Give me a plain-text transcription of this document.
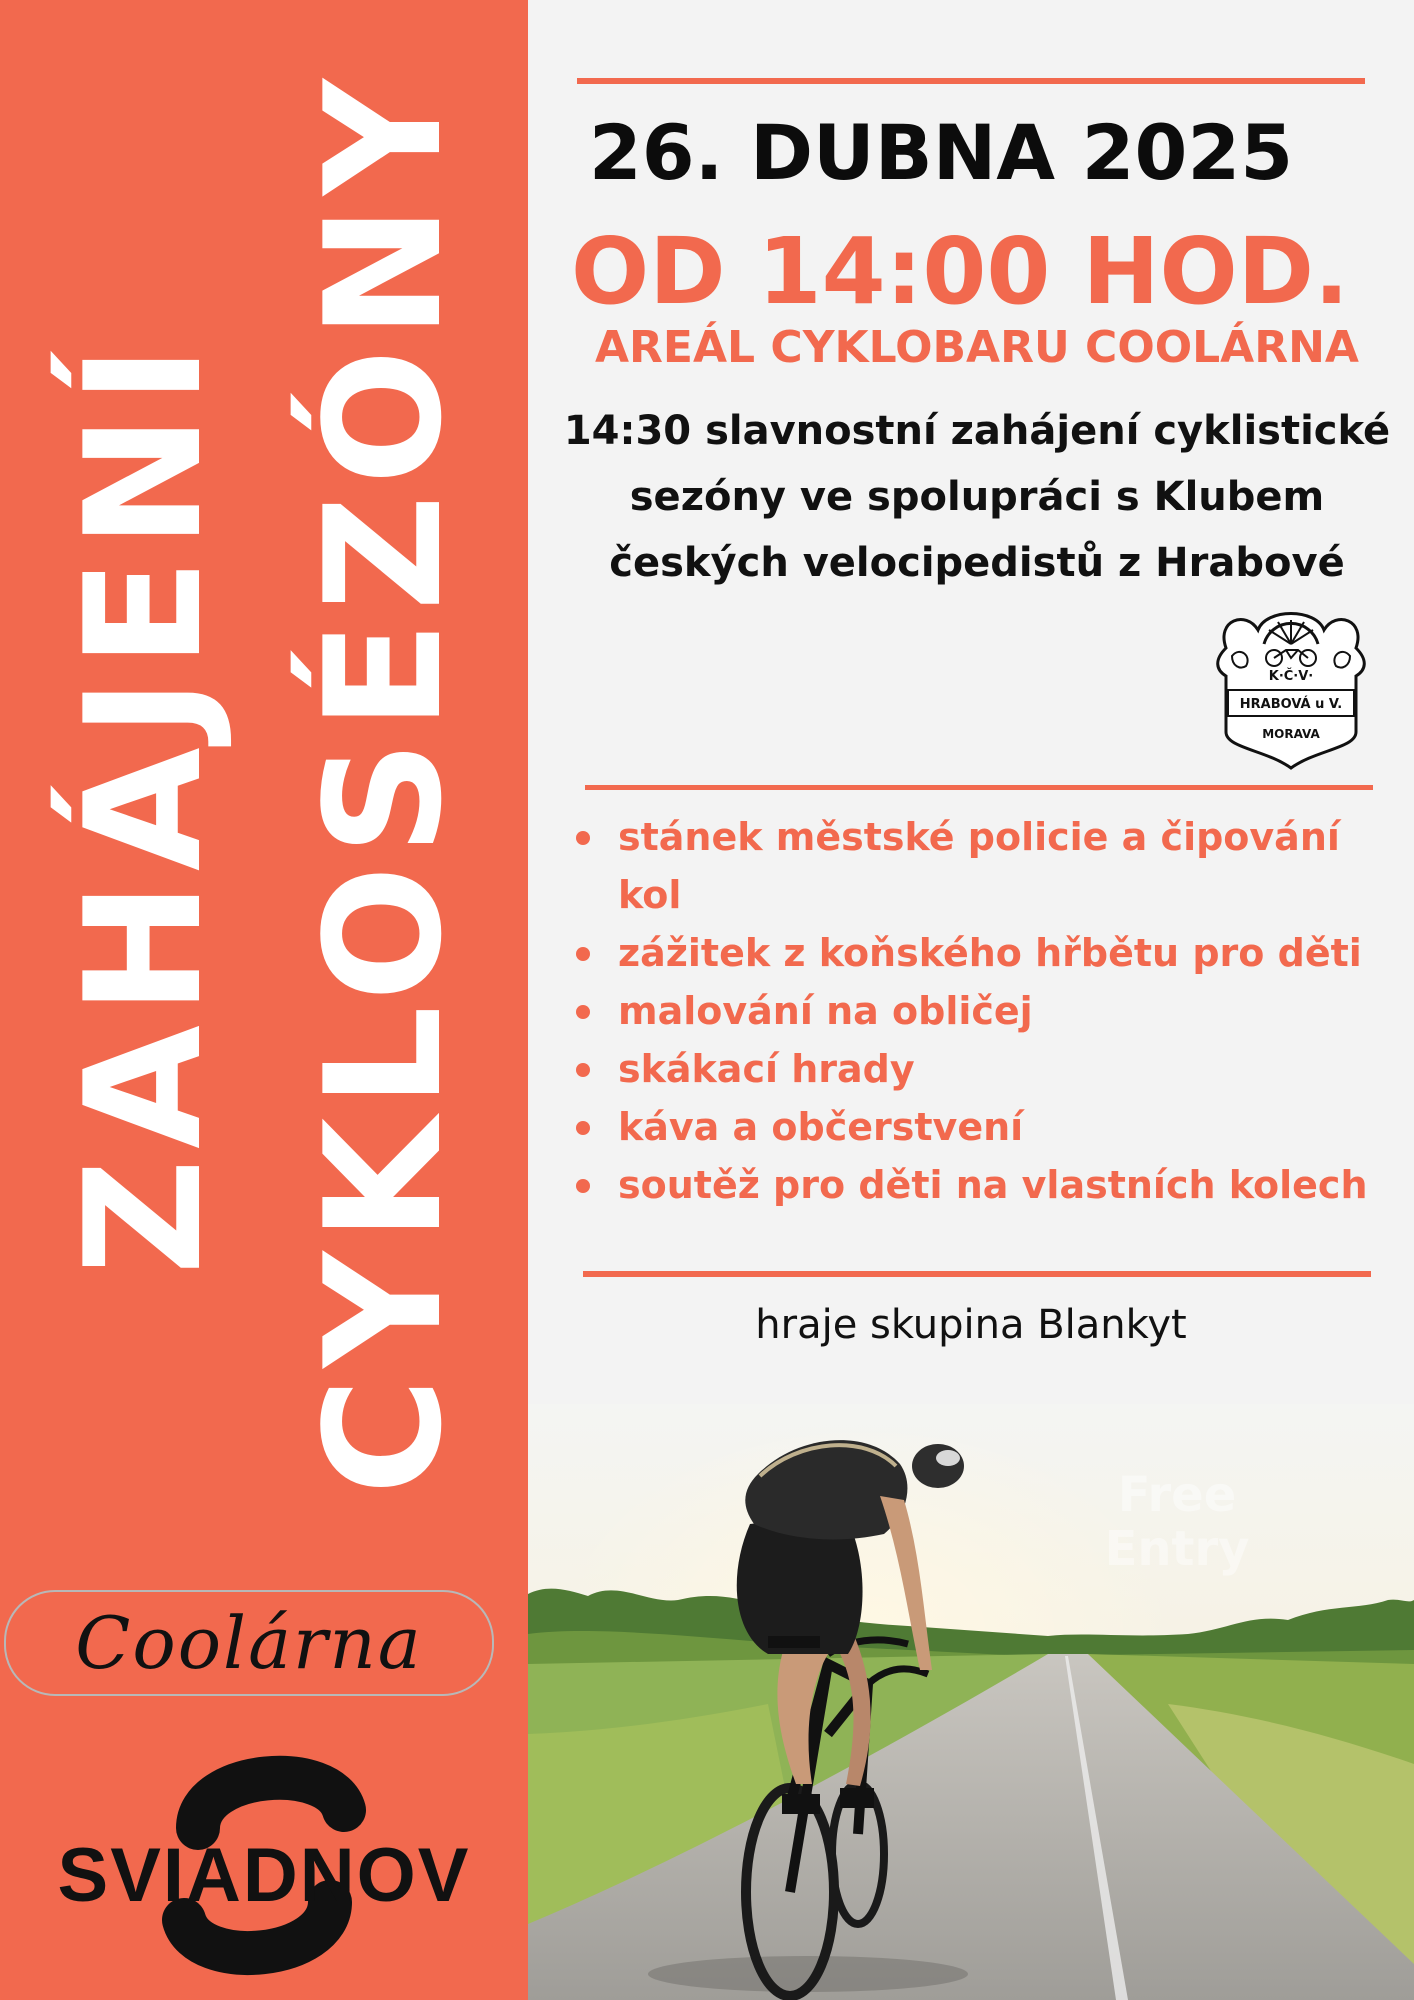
ZAHÁJENÍ CYKLOSÉZÓNY
Coolárna
SVIADNOV
26. DUBNA 2025
OD 14:00 HOD.
AREÁL CYKLOBARU COOLÁRNA
14:30 slavnostní zahájení cyklistické sezóny ve spolupráci s Klubem českých velocipedistů z Hrabové
K·Č·V·
HRABOVÁ u V.
MORAVA
stánek městské policie a čipování kol
zážitek z koňského hřbětu pro děti
malování na obličej
skákací hrady
káva a občerstvení
soutěž pro děti na vlastních kolech
hraje skupina Blankyt
Free Entry
